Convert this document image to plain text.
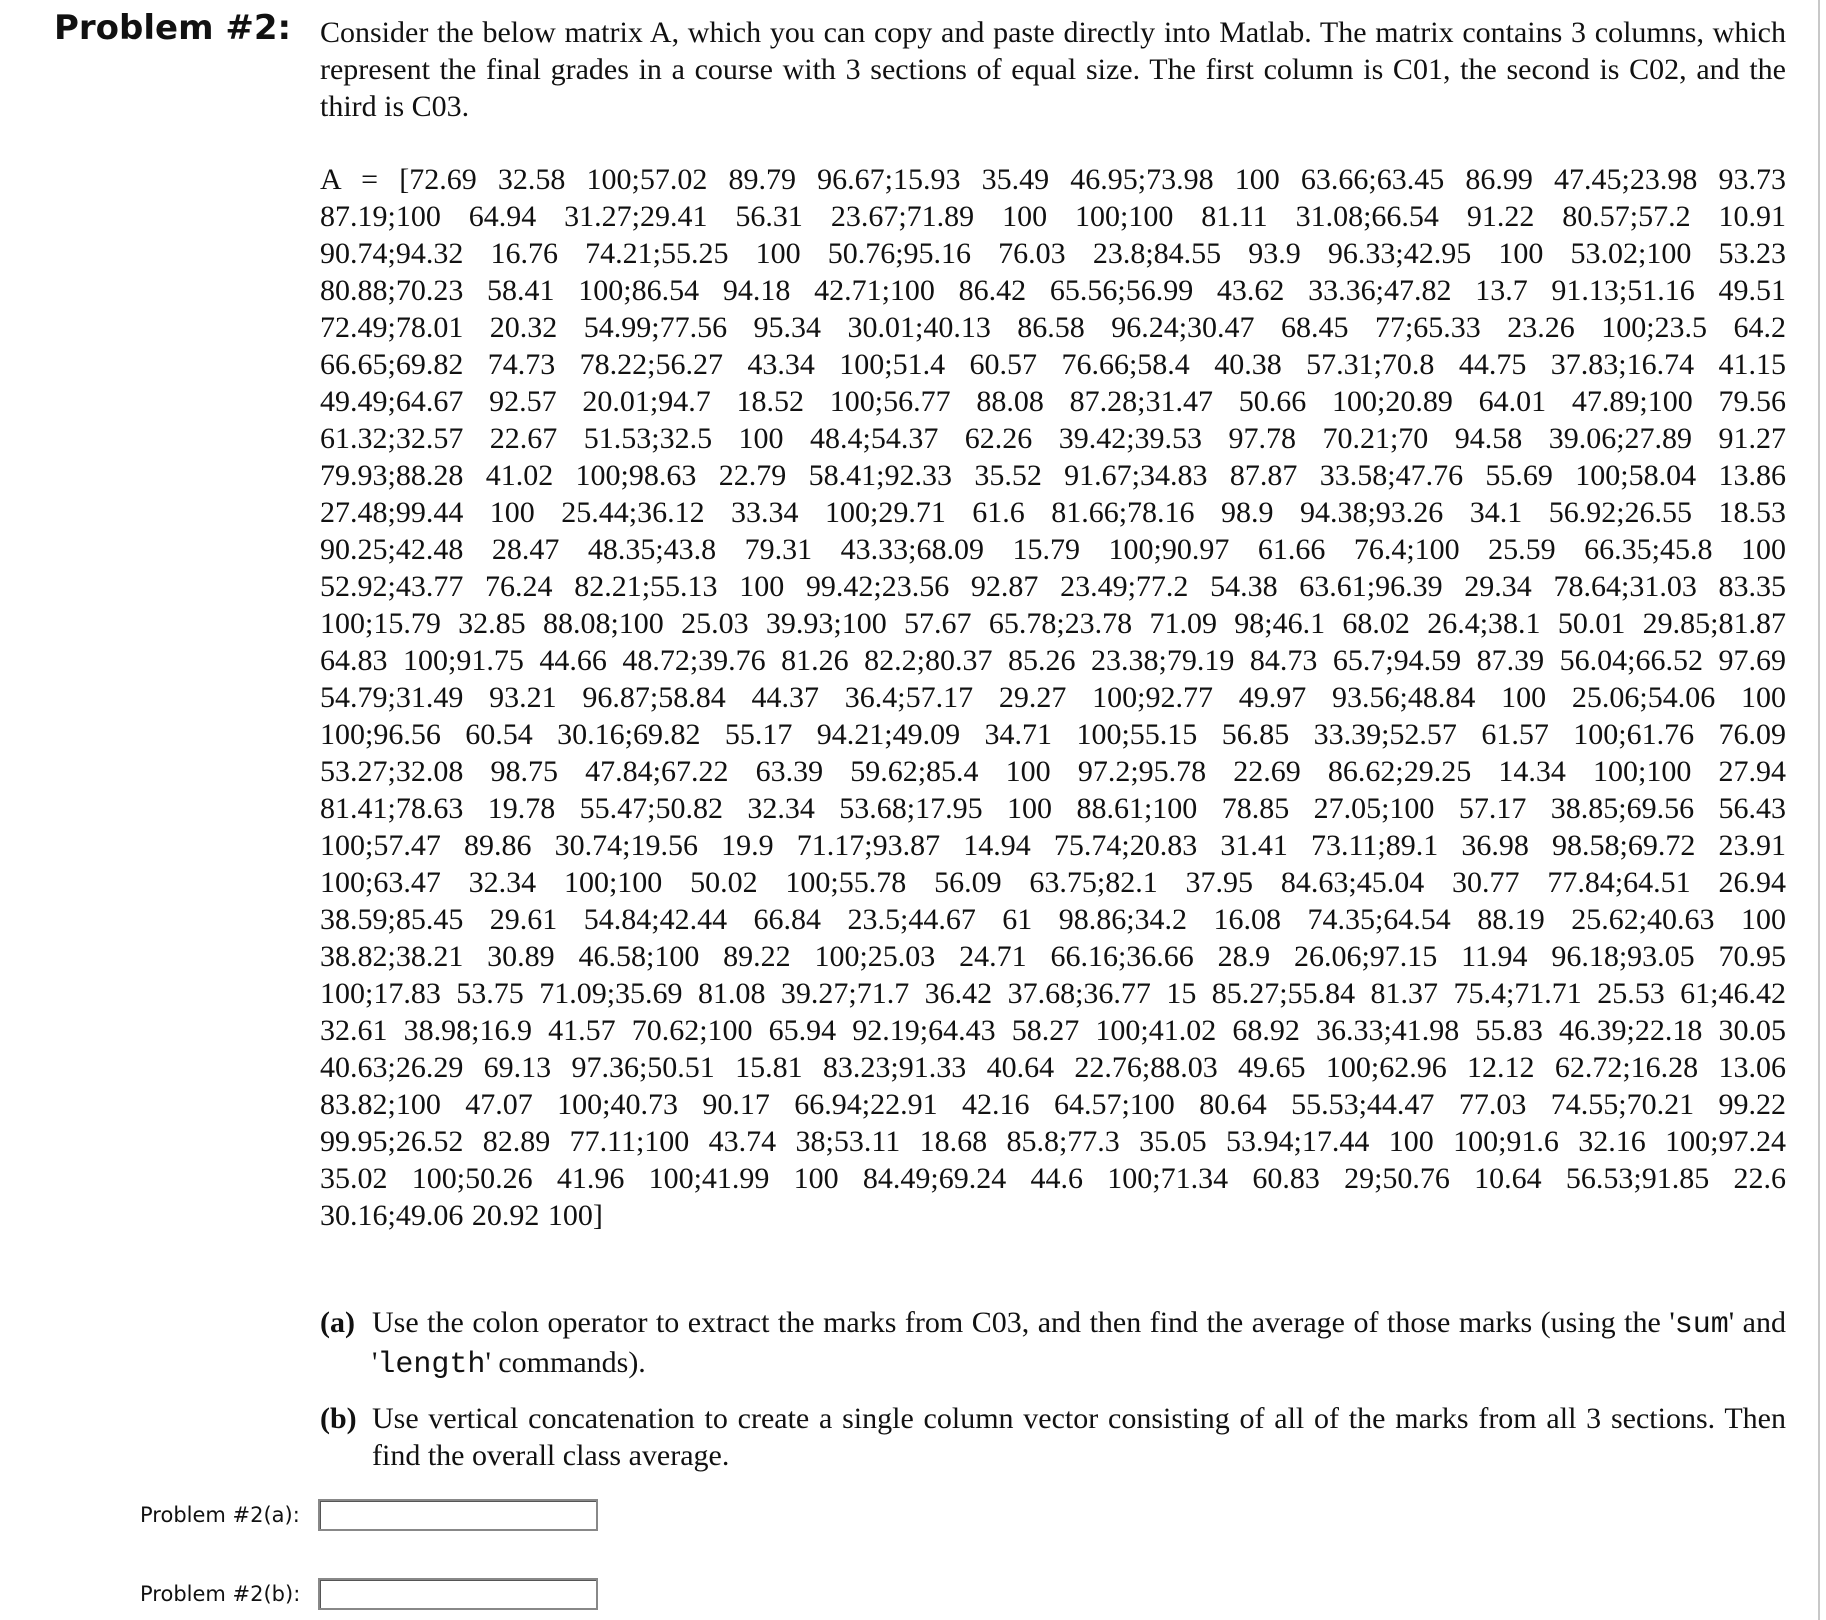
Problem #2: Consider the below matrix A, which you can copy and paste directly into Matlab. The matrix contains 3 columns, which represent the final grades in a course with 3 sections of equal size. The first column is C01, the second is C02, and the third is C03.

A = [72.69 32.58 100;57.02 89.79 96.67;15.93 35.49 46.95;73.98 100 63.66;63.45 86.99 47.45;23.98 93.73
87.19;100 64.94 31.27;29.41 56.31 23.67;71.89 100 100;100 81.11 31.08;66.54 91.22 80.57;57.2 10.91
90.74;94.32 16.76 74.21;55.25 100 50.76;95.16 76.03 23.8;84.55 93.9 96.33;42.95 100 53.02;100 53.23
80.88;70.23 58.41 100;86.54 94.18 42.71;100 86.42 65.56;56.99 43.62 33.36;47.82 13.7 91.13;51.16 49.51
72.49;78.01 20.32 54.99;77.56 95.34 30.01;40.13 86.58 96.24;30.47 68.45 77;65.33 23.26 100;23.5 64.2
66.65;69.82 74.73 78.22;56.27 43.34 100;51.4 60.57 76.66;58.4 40.38 57.31;70.8 44.75 37.83;16.74 41.15
49.49;64.67 92.57 20.01;94.7 18.52 100;56.77 88.08 87.28;31.47 50.66 100;20.89 64.01 47.89;100 79.56
61.32;32.57 22.67 51.53;32.5 100 48.4;54.37 62.26 39.42;39.53 97.78 70.21;70 94.58 39.06;27.89 91.27
79.93;88.28 41.02 100;98.63 22.79 58.41;92.33 35.52 91.67;34.83 87.87 33.58;47.76 55.69 100;58.04 13.86
27.48;99.44 100 25.44;36.12 33.34 100;29.71 61.6 81.66;78.16 98.9 94.38;93.26 34.1 56.92;26.55 18.53
90.25;42.48 28.47 48.35;43.8 79.31 43.33;68.09 15.79 100;90.97 61.66 76.4;100 25.59 66.35;45.8 100
52.92;43.77 76.24 82.21;55.13 100 99.42;23.56 92.87 23.49;77.2 54.38 63.61;96.39 29.34 78.64;31.03 83.35
100;15.79 32.85 88.08;100 25.03 39.93;100 57.67 65.78;23.78 71.09 98;46.1 68.02 26.4;38.1 50.01 29.85;81.87
64.83 100;91.75 44.66 48.72;39.76 81.26 82.2;80.37 85.26 23.38;79.19 84.73 65.7;94.59 87.39 56.04;66.52 97.69
54.79;31.49 93.21 96.87;58.84 44.37 36.4;57.17 29.27 100;92.77 49.97 93.56;48.84 100 25.06;54.06 100
100;96.56 60.54 30.16;69.82 55.17 94.21;49.09 34.71 100;55.15 56.85 33.39;52.57 61.57 100;61.76 76.09
53.27;32.08 98.75 47.84;67.22 63.39 59.62;85.4 100 97.2;95.78 22.69 86.62;29.25 14.34 100;100 27.94
81.41;78.63 19.78 55.47;50.82 32.34 53.68;17.95 100 88.61;100 78.85 27.05;100 57.17 38.85;69.56 56.43
100;57.47 89.86 30.74;19.56 19.9 71.17;93.87 14.94 75.74;20.83 31.41 73.11;89.1 36.98 98.58;69.72 23.91
100;63.47 32.34 100;100 50.02 100;55.78 56.09 63.75;82.1 37.95 84.63;45.04 30.77 77.84;64.51 26.94
38.59;85.45 29.61 54.84;42.44 66.84 23.5;44.67 61 98.86;34.2 16.08 74.35;64.54 88.19 25.62;40.63 100
38.82;38.21 30.89 46.58;100 89.22 100;25.03 24.71 66.16;36.66 28.9 26.06;97.15 11.94 96.18;93.05 70.95
100;17.83 53.75 71.09;35.69 81.08 39.27;71.7 36.42 37.68;36.77 15 85.27;55.84 81.37 75.4;71.71 25.53 61;46.42
32.61 38.98;16.9 41.57 70.62;100 65.94 92.19;64.43 58.27 100;41.02 68.92 36.33;41.98 55.83 46.39;22.18 30.05
40.63;26.29 69.13 97.36;50.51 15.81 83.23;91.33 40.64 22.76;88.03 49.65 100;62.96 12.12 62.72;16.28 13.06
83.82;100 47.07 100;40.73 90.17 66.94;22.91 42.16 64.57;100 80.64 55.53;44.47 77.03 74.55;70.21 99.22
99.95;26.52 82.89 77.11;100 43.74 38;53.11 18.68 85.8;77.3 35.05 53.94;17.44 100 100;91.6 32.16 100;97.24
35.02 100;50.26 41.96 100;41.99 100 84.49;69.24 44.6 100;71.34 60.83 29;50.76 10.64 56.53;91.85 22.6
30.16;49.06 20.92 100]
(a) Use the colon operator to extract the marks from C03, and then find the average of those marks (using the 'sum' and 'length' commands).
(b) Use vertical concatenation to create a single column vector consisting of all of the marks from all 3 sections. Then find the overall class average.
Problem #2(a):
Problem #2(b):
